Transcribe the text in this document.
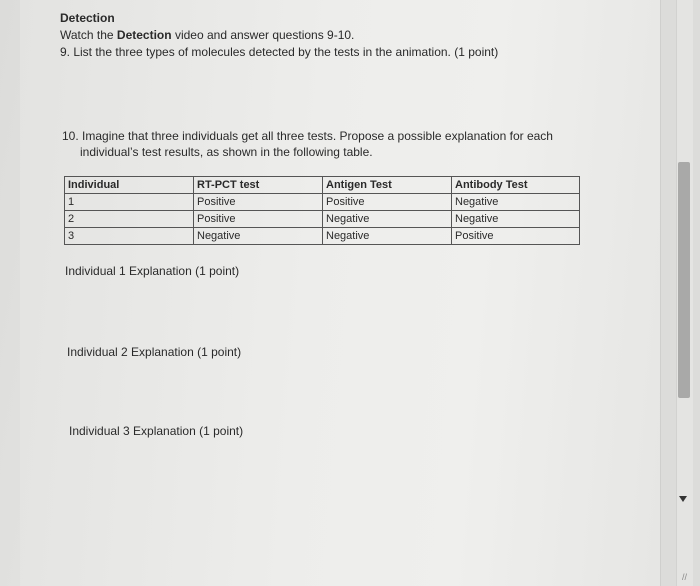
//
Detection
Watch the Detection video and answer questions 9-10.
9. List the three types of molecules detected by the tests in the animation. (1 point)
10. Imagine that three individuals get all three tests. Propose a possible explanation for each
individual’s test results, as shown in the following table.
Individual	RT-PCT test	Antigen Test	Antibody Test
1	Positive	Positive	Negative
2	Positive	Negative	Negative
3	Negative	Negative	Positive
Individual 1 Explanation (1 point)
Individual 2 Explanation (1 point)
Individual 3 Explanation (1 point)
